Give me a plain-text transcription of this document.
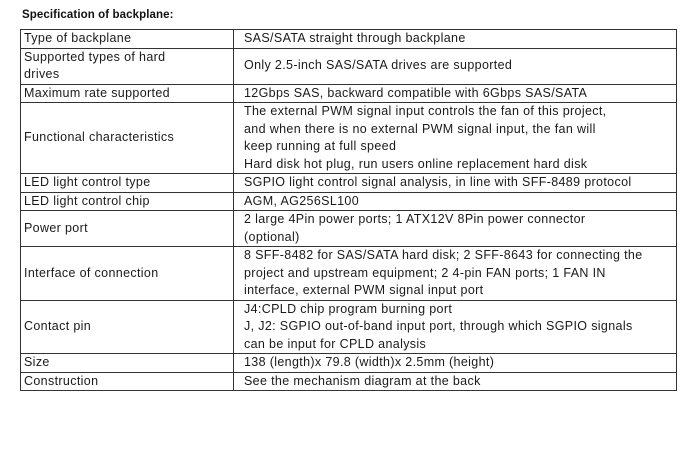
Specification of backplane:
Type of backplane	SAS/SATA straight through backplane

Supported types of hard
drives	Only 2.5-inch SAS/SATA drives are supported

Maximum rate supported	12Gbps SAS, backward compatible with 6Gbps SAS/SATA

Functional characteristics	The external PWM signal input controls the fan of this project,
and when there is no external PWM signal input, the fan will
keep running at full speed
Hard disk hot plug, run users online replacement hard disk

LED light control type	SGPIO light control signal analysis, in line with SFF-8489 protocol

LED light control chip	AGM, AG256SL100

Power port	2 large 4Pin power ports; 1 ATX12V 8Pin power connector
(optional)

Interface of connection	8 SFF-8482 for SAS/SATA hard disk; 2 SFF-8643 for connecting the
project and upstream equipment; 2 4-pin FAN ports; 1 FAN IN
interface, external PWM signal input port

Contact pin	J4:CPLD chip program burning port
J, J2: SGPIO out-of-band input port, through which SGPIO signals
can be input for CPLD analysis

Size	138 (length)x 79.8 (width)x 2.5mm (height)

Construction	See the mechanism diagram at the back
